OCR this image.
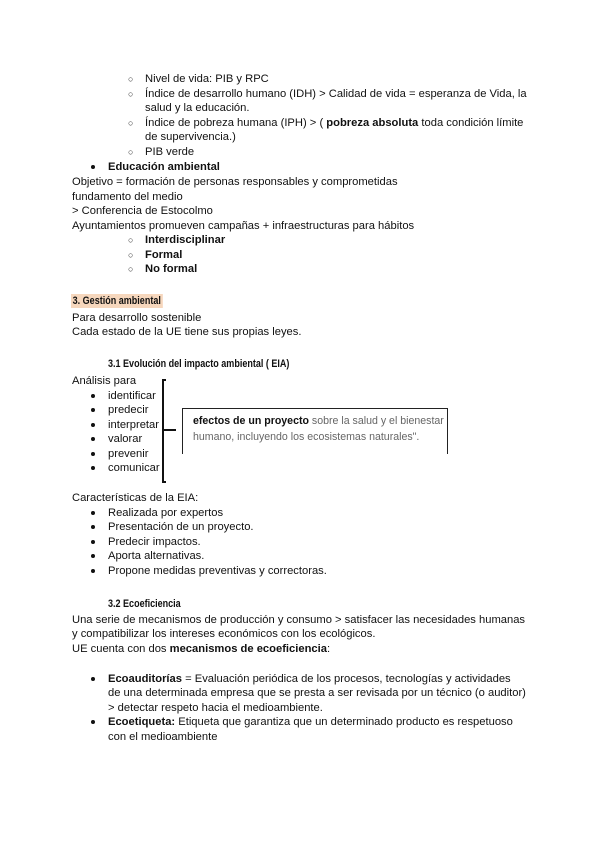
○ Nivel de vida: PIB y RPC
○ Índice de desarrollo humano (IDH) > Calidad de vida = esperanza de Vida, la
salud y la educación.
○ Índice de pobreza humana (IPH) > ( pobreza absoluta toda condición límite
de supervivencia.)
○ PIB verde
Educación ambiental
Objetivo = formación de personas responsables y comprometidas
fundamento del medio
> Conferencia de Estocolmo
Ayuntamientos promueven campañas + infraestructuras para hábitos
○ Interdisciplinar
○ Formal
○ No formal
3. Gestión ambiental
Para desarrollo sostenible
Cada estado de la UE tiene sus propias leyes.
3.1 Evolución del impacto ambiental ( EIA)
Análisis para
identificar
predecir
interpretar
valorar
prevenir
comunicar
efectos de un proyecto sobre la salud y el bienestar
humano, incluyendo los ecosistemas naturales".
Características de la EIA:
Realizada por expertos
Presentación de un proyecto.
Predecir impactos.
Aporta alternativas.
Propone medidas preventivas y correctoras.
3.2 Ecoeficiencia
Una serie de mecanismos de producción y consumo > satisfacer las necesidades humanas
y compatibilizar los intereses económicos con los ecológicos.
UE cuenta con dos mecanismos de ecoeficiencia:
Ecoauditorías = Evaluación periódica de los procesos, tecnologías y actividades
de una determinada empresa que se presta a ser revisada por un técnico (o auditor)
> detectar respeto hacia el medioambiente.
Ecoetiqueta: Etiqueta que garantiza que un determinado producto es respetuoso
con el medioambiente
